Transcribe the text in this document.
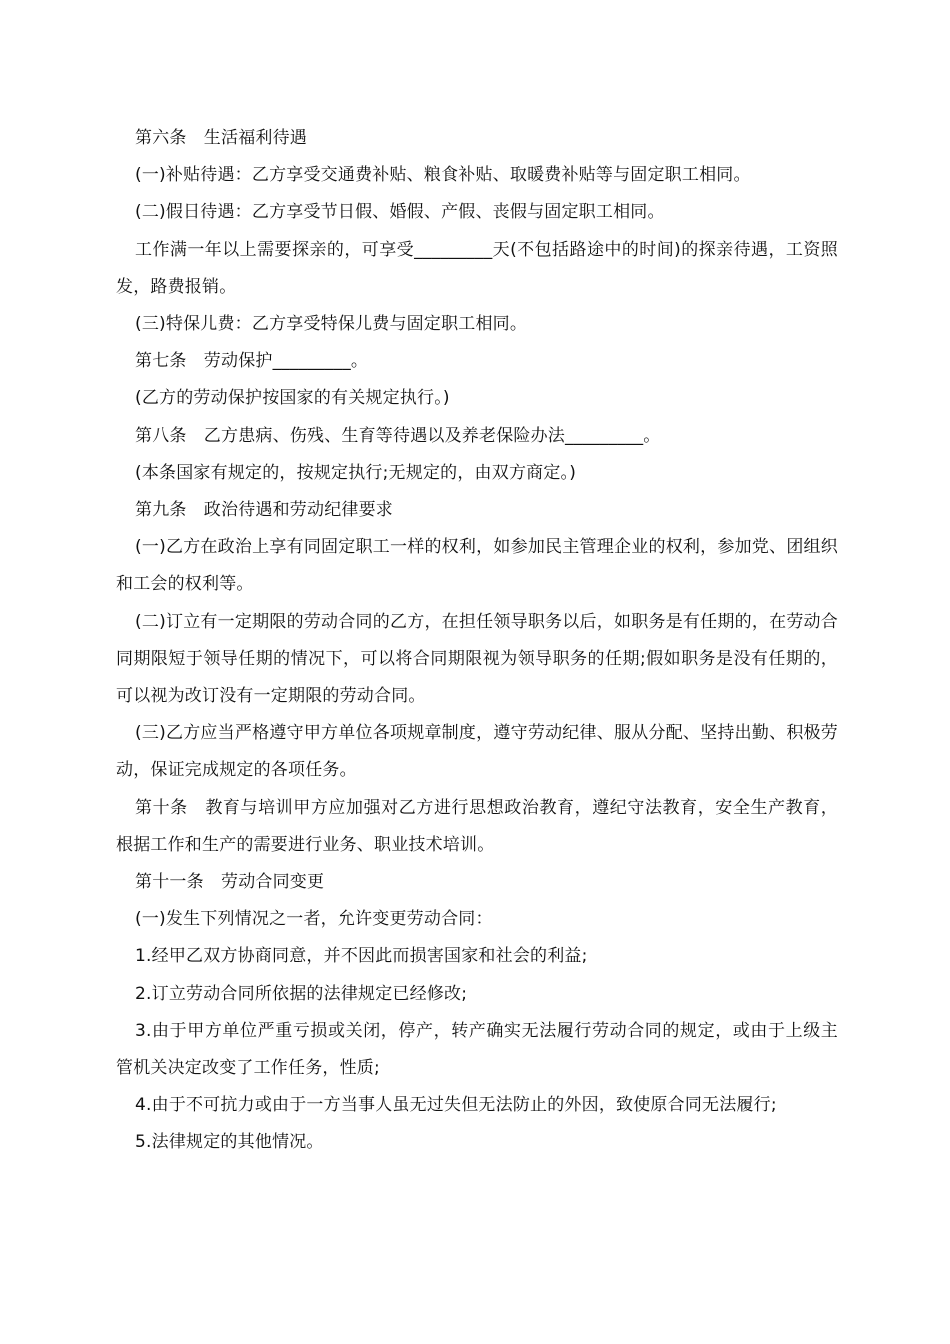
第六条　生活福利待遇

(一)补贴待遇：乙方享受交通费补贴、粮食补贴、取暖费补贴等与固定职工相同。

(二)假日待遇：乙方享受节日假、婚假、产假、丧假与固定职工相同。

工作满一年以上需要探亲的，可享受_________天(不包括路途中的时间)的探亲待遇，工资照发，路费报销。

(三)特保儿费：乙方享受特保儿费与固定职工相同。

第七条　劳动保护_________。

(乙方的劳动保护按国家的有关规定执行。)

第八条　乙方患病、伤残、生育等待遇以及养老保险办法_________。

(本条国家有规定的，按规定执行;无规定的，由双方商定。)

第九条　政治待遇和劳动纪律要求

(一)乙方在政治上享有同固定职工一样的权利，如参加民主管理企业的权利，参加党、团组织和工会的权利等。

(二)订立有一定期限的劳动合同的乙方，在担任领导职务以后，如职务是有任期的，在劳动合同期限短于领导任期的情况下，可以将合同期限视为领导职务的任期;假如职务是没有任期的，可以视为改订没有一定期限的劳动合同。

(三)乙方应当严格遵守甲方单位各项规章制度，遵守劳动纪律、服从分配、坚持出勤、积极劳动，保证完成规定的各项任务。

第十条　教育与培训甲方应加强对乙方进行思想政治教育，遵纪守法教育，安全生产教育，根据工作和生产的需要进行业务、职业技术培训。

第十一条　劳动合同变更

(一)发生下列情况之一者，允许变更劳动合同：

1.经甲乙双方协商同意，并不因此而损害国家和社会的利益;

2.订立劳动合同所依据的法律规定已经修改;

3.由于甲方单位严重亏损或关闭，停产，转产确实无法履行劳动合同的规定，或由于上级主管机关决定改变了工作任务，性质;

4.由于不可抗力或由于一方当事人虽无过失但无法防止的外因，致使原合同无法履行;

5.法律规定的其他情况。
